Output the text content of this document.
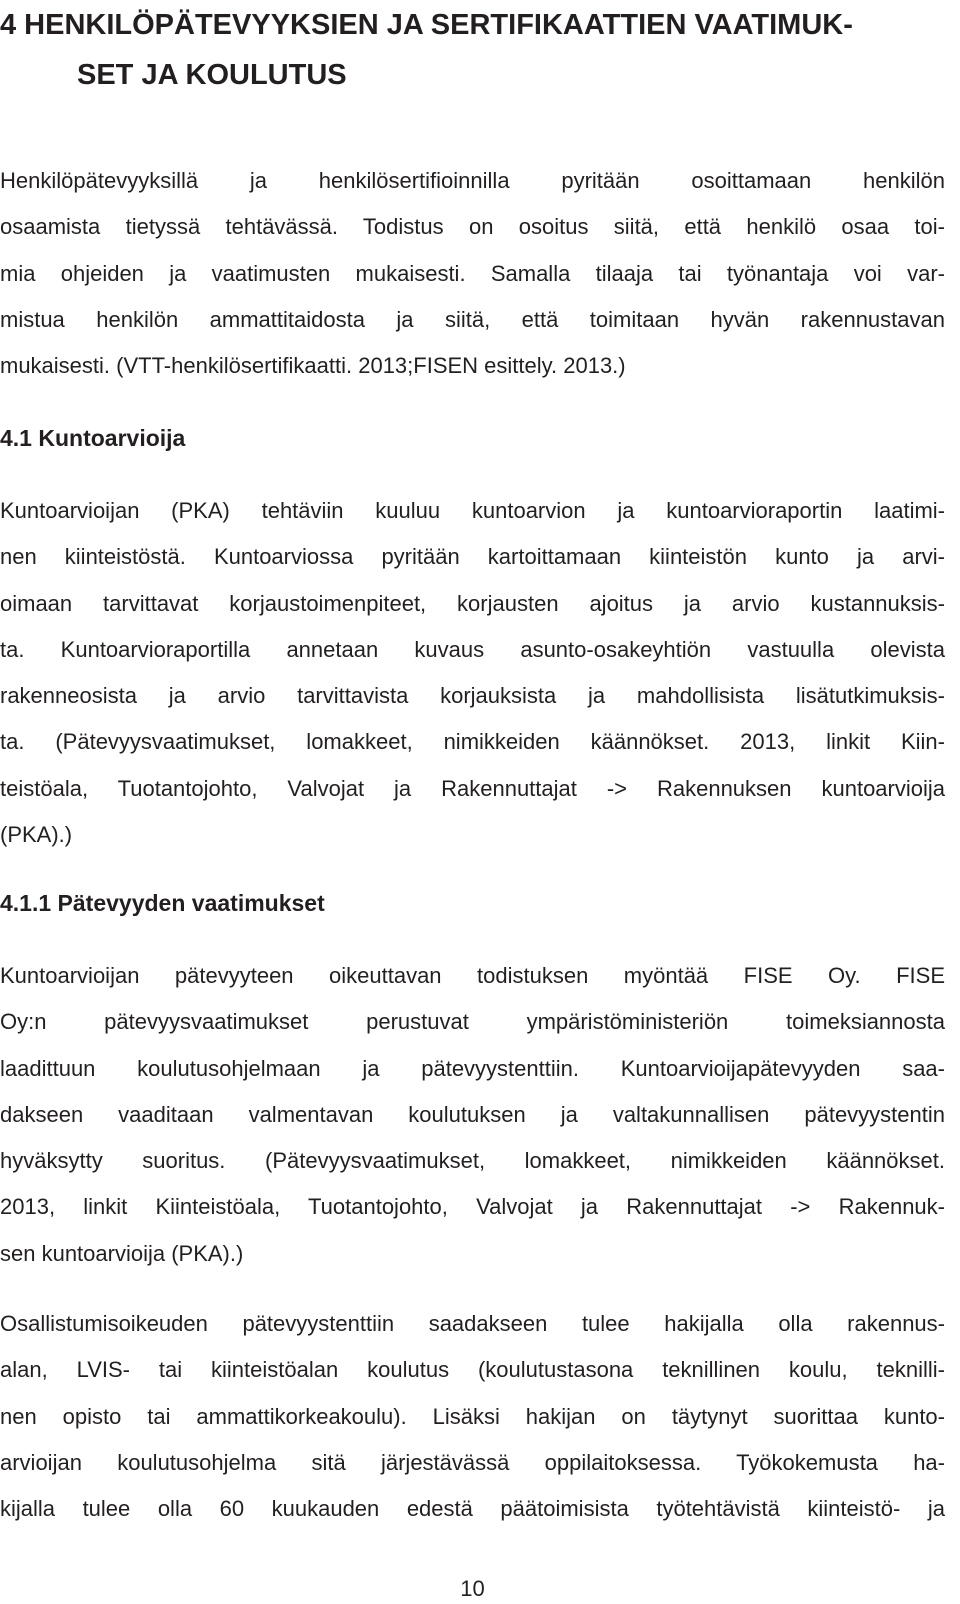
4 HENKILÖPÄTEVYYKSIEN JA SERTIFIKAATTIEN VAATIMUK-
SET JA KOULUTUS

Henkilöpätevyyksillä ja henkilösertifioinnilla pyritään osoittamaan henkilön
osaamista tietyssä tehtävässä. Todistus on osoitus siitä, että henkilö osaa toi-
mia ohjeiden ja vaatimusten mukaisesti. Samalla tilaaja tai työnantaja voi var-
mistua henkilön ammattitaidosta ja siitä, että toimitaan hyvän rakennustavan
mukaisesti. (VTT-henkilösertifikaatti. 2013;FISEN esittely. 2013.)

4.1 Kuntoarvioija

Kuntoarvioijan (PKA) tehtäviin kuuluu kuntoarvion ja kuntoarvioraportin laatimi-
nen kiinteistöstä. Kuntoarviossa pyritään kartoittamaan kiinteistön kunto ja arvi-
oimaan tarvittavat korjaustoimenpiteet, korjausten ajoitus ja arvio kustannuksis-
ta. Kuntoarvioraportilla annetaan kuvaus asunto-osakeyhtiön vastuulla olevista
rakenneosista ja arvio tarvittavista korjauksista ja mahdollisista lisätutkimuksis-
ta. (Pätevyysvaatimukset, lomakkeet, nimikkeiden käännökset. 2013, linkit Kiin-
teistöala, Tuotantojohto, Valvojat ja Rakennuttajat -> Rakennuksen kuntoarvioija
(PKA).)

4.1.1 Pätevyyden vaatimukset

Kuntoarvioijan pätevyyteen oikeuttavan todistuksen myöntää FISE Oy. FISE
Oy:n pätevyysvaatimukset perustuvat ympäristöministeriön toimeksiannosta
laadittuun koulutusohjelmaan ja pätevyystenttiin. Kuntoarvioijapätevyyden saa-
dakseen vaaditaan valmentavan koulutuksen ja valtakunnallisen pätevyystentin
hyväksytty suoritus. (Pätevyysvaatimukset, lomakkeet, nimikkeiden käännökset.
2013, linkit Kiinteistöala, Tuotantojohto, Valvojat ja Rakennuttajat -> Rakennuk-
sen kuntoarvioija (PKA).)

Osallistumisoikeuden pätevyystenttiin saadakseen tulee hakijalla olla rakennus-
alan, LVIS- tai kiinteistöalan koulutus (koulutustasona teknillinen koulu, teknilli-
nen opisto tai ammattikorkeakoulu). Lisäksi hakijan on täytynyt suorittaa kunto-
arvioijan koulutusohjelma sitä järjestävässä oppilaitoksessa. Työkokemusta ha-
kijalla tulee olla 60 kuukauden edestä päätoimisista työtehtävistä kiinteistö- ja

10
